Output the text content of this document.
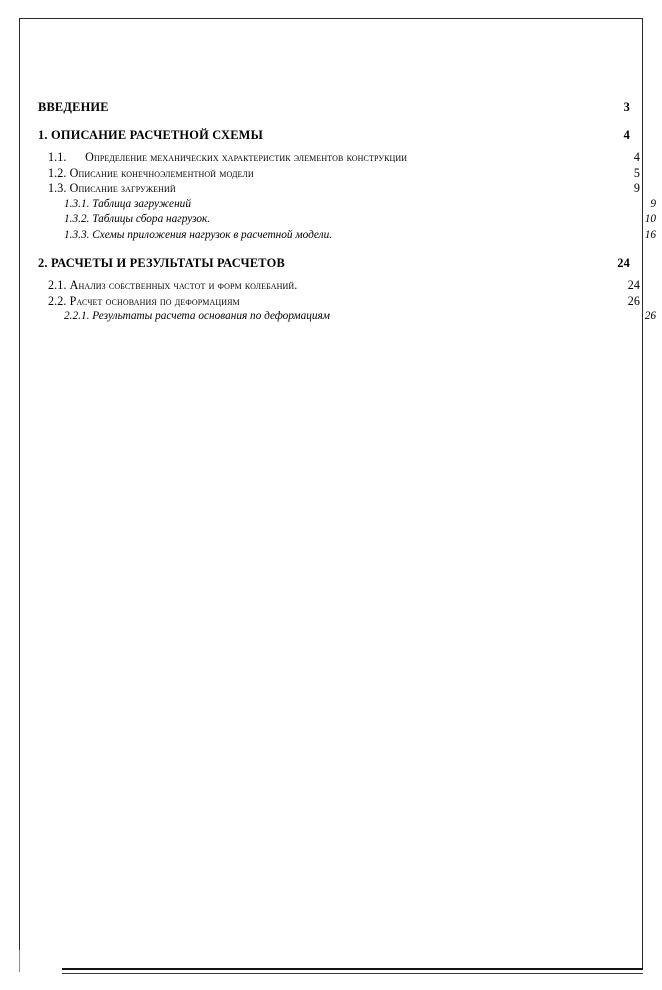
ВВЕДЕНИЕ	3
1. ОПИСАНИЕ РАСЧЕТНОЙ СХЕМЫ	4
1.1. Определение механических характеристик элементов конструкции	4
1.2. Описание конечноэлементной модели	5
1.3. Описание загружений	9
1.3.1. Таблица загружений	9
1.3.2. Таблицы сбора нагрузок.	10
1.3.3. Схемы приложения нагрузок в расчетной модели.	16
2. РАСЧЕТЫ И РЕЗУЛЬТАТЫ РАСЧЕТОВ	24
2.1. Анализ собственных частот и форм колебаний.	24
2.2. Расчет основания по деформациям	26
2.2.1. Результаты расчета основания по деформациям	26
